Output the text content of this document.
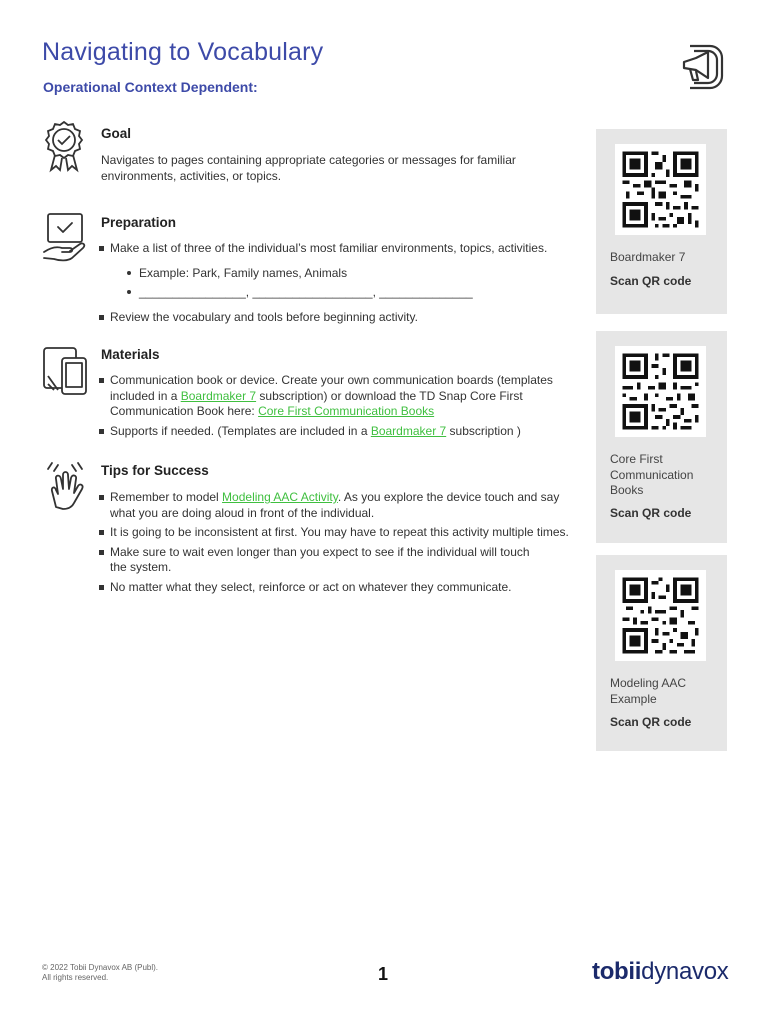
Navigating to Vocabulary
Operational Context Dependent:
Goal
Navigates to pages containing appropriate categories or messages for familiar
environments, activities, or topics.
Preparation
Make a list of three of the individual’s most familiar environments, topics, activities.
Example: Park, Family names, Animals
________________, __________________, ______________
Review the vocabulary and tools before beginning activity.
Materials
Communication book or device. Create your own communication boards (templates
included in a Boardmaker 7 subscription) or download the TD Snap Core First
Communication Book here: Core First Communication Books
Supports if needed. (Templates are included in a Boardmaker 7 subscription )
Tips for Success
Remember to model Modeling AAC Activity. As you explore the device touch and say
what you are doing aloud in front of the individual.
It is going to be inconsistent at first. You may have to repeat this activity multiple times.
Make sure to wait even longer than you expect to see if the individual will touch
the system.
No matter what they select, reinforce or act on whatever they communicate.
Boardmaker 7
Scan QR code
Core First
Communication
Books
Scan QR code
Modeling AAC
Example
Scan QR code
© 2022 Tobii Dynavox AB (Publ).
All rights reserved.	1	tobiidynavox
